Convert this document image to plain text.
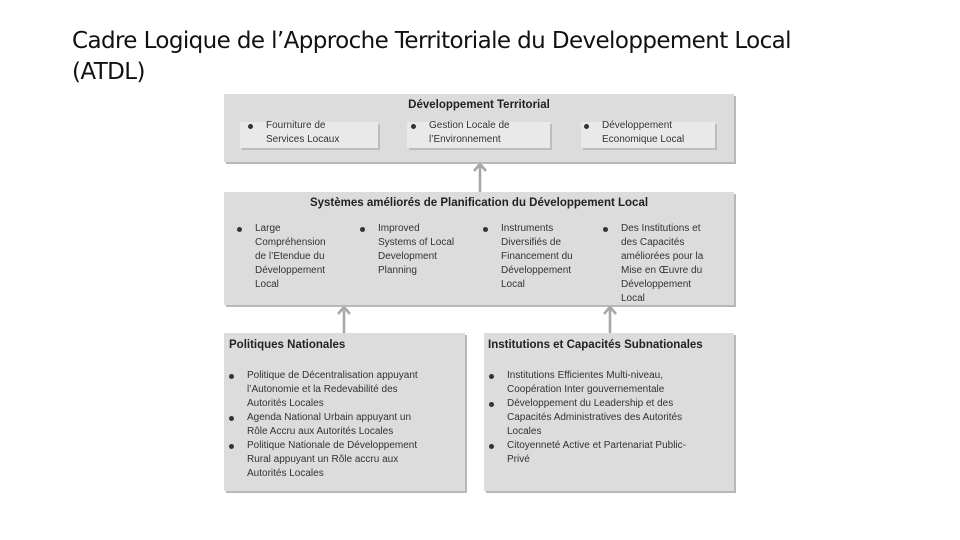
Cadre Logique de l’Approche Territoriale du Developpement Local
(ATDL)
Développement Territorial
Fourniture de
Services Locaux
Gestion Locale de
l’Environnement
Développement
Economique Local
Systèmes améliorés de Planification du Développement Local
Large
Compréhension
de l’Etendue du
Développement
Local
Improved
Systems of Local
Development
Planning
Instruments
Diversifiés de
Financement du
Développement
Local
Des Institutions et
des Capacités
améliorées pour la
Mise en Œuvre du
Développement
Local
Politiques Nationales
Politique de Décentralisation appuyant
l’Autonomie et la Redevabilité des
Autorités Locales
Agenda National Urbain appuyant un
Rôle Accru aux Autorités Locales
Politique Nationale de Développement
Rural appuyant un Rôle accru aux
Autorités Locales
Institutions et Capacités Subnationales
Institutions Efficientes Multi-niveau,
Coopération Inter gouvernementale
Développement du Leadership et des
Capacités Administratives des Autorités
Locales
Citoyenneté Active et Partenariat Public-
Privé
